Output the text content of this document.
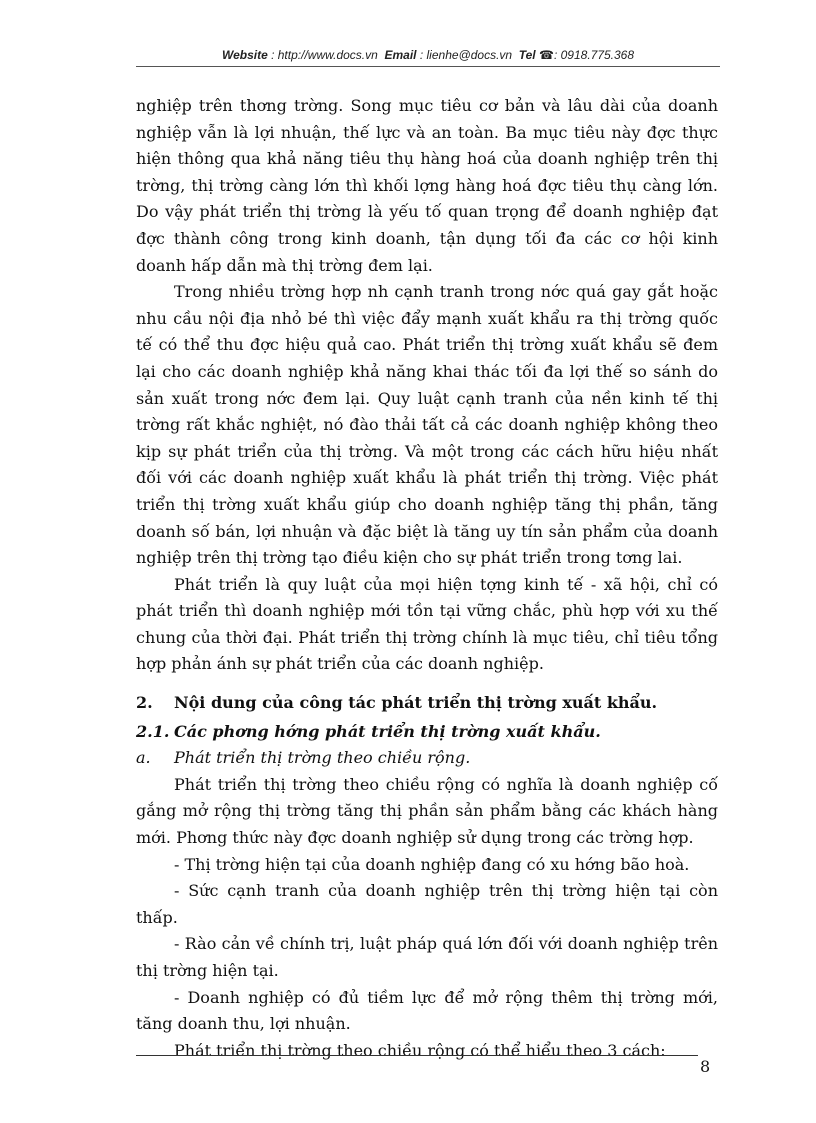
Website : http://www.docs.vn Email : lienhe@docs.vn Tel ☎: 0918.775.368

nghiệp trên thơng trờng. Song mục tiêu cơ bản và lâu dài của doanh nghiệp vẫn là lợi nhuận, thế lực và an toàn. Ba mục tiêu này đợc thực hiện thông qua khả năng tiêu thụ hàng hoá của doanh nghiệp trên thị trờng, thị trờng càng lớn thì khối lợng hàng hoá đợc tiêu thụ càng lớn. Do vậy phát triển thị trờng là yếu tố quan trọng để doanh nghiệp đạt đợc thành công trong kinh doanh, tận dụng tối đa các cơ hội kinh doanh hấp dẫn mà thị trờng đem lại.

Trong nhiều trờng hợp nh cạnh tranh trong nớc quá gay gắt hoặc nhu cầu nội địa nhỏ bé thì việc đẩy mạnh xuất khẩu ra thị trờng quốc tế có thể thu đợc hiệu quả cao. Phát triển thị trờng xuất khẩu sẽ đem lại cho các doanh nghiệp khả năng khai thác tối đa lợi thế so sánh do sản xuất trong nớc đem lại. Quy luật cạnh tranh của nền kinh tế thị trờng rất khắc nghiệt, nó đào thải tất cả các doanh nghiệp không theo kịp sự phát triển của thị trờng. Và một trong các cách hữu hiệu nhất đối với các doanh nghiệp xuất khẩu là phát triển thị trờng. Việc phát triển thị trờng xuất khẩu giúp cho doanh nghiệp tăng thị phần, tăng doanh số bán, lợi nhuận và đặc biệt là tăng uy tín sản phẩm của doanh nghiệp trên thị trờng tạo điều kiện cho sự phát triển trong tơng lai.

Phát triển là quy luật của mọi hiện tợng kinh tế - xã hội, chỉ có phát triển thì doanh nghiệp mới tồn tại vững chắc, phù hợp với xu thế chung của thời đại. Phát triển thị trờng chính là mục tiêu, chỉ tiêu tổng hợp phản ánh sự phát triển của các doanh nghiệp.

2. Nội dung của công tác phát triển thị trờng xuất khẩu.

2.1. Các phơng hớng phát triển thị trờng xuất khẩu.

a. Phát triển thị trờng theo chiều rộng.

Phát triển thị trờng theo chiều rộng có nghĩa là doanh nghiệp cố gắng mở rộng thị trờng tăng thị phần sản phẩm bằng các khách hàng mới. Phơng thức này đợc doanh nghiệp sử dụng trong các trờng hợp.

- Thị trờng hiện tại của doanh nghiệp đang có xu hớng bão hoà.

- Sức cạnh tranh của doanh nghiệp trên thị trờng hiện tại còn thấp.

- Rào cản về chính trị, luật pháp quá lớn đối với doanh nghiệp trên thị trờng hiện tại.

- Doanh nghiệp có đủ tiềm lực để mở rộng thêm thị trờng mới, tăng doanh thu, lợi nhuận.

Phát triển thị trờng theo chiều rộng có thể hiểu theo 3 cách:

8
